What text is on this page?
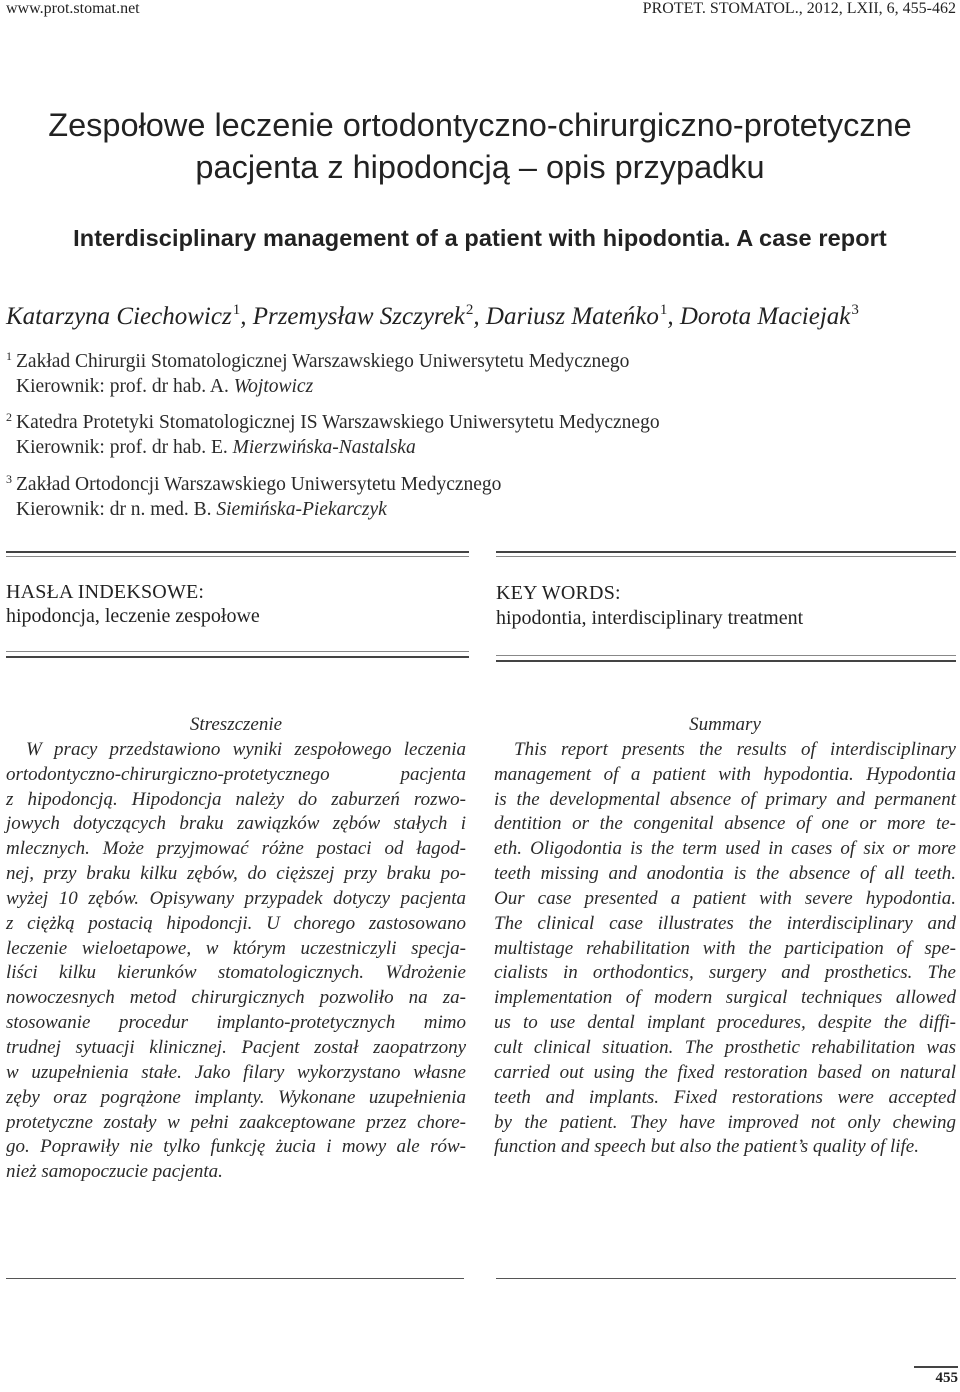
www.prot.stomat.net	PROTET. STOMATOL., 2012, LXII, 6, 455-462
Zespołowe leczenie ortodontyczno-chirurgiczno-protetyczne
pacjenta z hipodoncją – opis przypadku
Interdisciplinary management of a patient with hipodontia. A case report
Katarzyna Ciechowicz$^1$, Przemysław Szczyrek$^2$, Dariusz Mateńko$^1$, Dorota Maciejak$^3$
$^1$ Zakład Chirurgii Stomatologicznej Warszawskiego Uniwersytetu Medycznego
Kierownik: prof. dr hab. A. Wojtowicz
$^2$ Katedra Protetyki Stomatologicznej IS Warszawskiego Uniwersytetu Medycznego
Kierownik: prof. dr hab. E. Mierzwińska-Nastalska
$^3$ Zakład Ortodoncji Warszawskiego Uniwersytetu Medycznego
Kierownik: dr n. med. B. Siemińska-Piekarczyk
HASŁA INDEKSOWE:
hipodoncja, leczenie zespołowe
KEY WORDS:
hipodontia, interdisciplinary treatment
Streszczenie
W pracy przedstawiono wyniki zespołowego leczenia
ortodontyczno-chirurgiczno-protetycznego pacjenta
z hipodoncją. Hipodoncja należy do zaburzeń rozwo-
jowych dotyczących braku zawiązków zębów stałych i
mlecznych. Może przyjmować różne postaci od łagod-
nej, przy braku kilku zębów, do cięższej przy braku po-
wyżej 10 zębów. Opisywany przypadek dotyczy pacjenta
z ciężką postacią hipodoncji. U chorego zastosowano
leczenie wieloetapowe, w którym uczestniczyli specja-
liści kilku kierunków stomatologicznych. Wdrożenie
nowoczesnych metod chirurgicznych pozwoliło na za-
stosowanie procedur implanto-protetycznych mimo
trudnej sytuacji klinicznej. Pacjent został zaopatrzony
w uzupełnienia stałe. Jako filary wykorzystano własne
zęby oraz pogrążone implanty. Wykonane uzupełnienia
protetyczne zostały w pełni zaakceptowane przez chore-
go. Poprawiły nie tylko funkcję żucia i mowy ale rów-
nież samopoczucie pacjenta.
Summary
This report presents the results of interdisciplinary
management of a patient with hypodontia. Hypodontia
is the developmental absence of primary and permanent
dentition or the congenital absence of one or more te-
eth. Oligodontia is the term used in cases of six or more
teeth missing and anodontia is the absence of all teeth.
Our case presented a patient with severe hypodontia.
The clinical case illustrates the interdisciplinary and
multistage rehabilitation with the participation of spe-
cialists in orthodontics, surgery and prosthetics. The
implementation of modern surgical techniques allowed
us to use dental implant procedures, despite the diffi-
cult clinical situation. The prosthetic rehabilitation was
carried out using the fixed restoration based on natural
teeth and implants. Fixed restorations were accepted
by the patient. They have improved not only chewing
function and speech but also the patient’s quality of life.
455
